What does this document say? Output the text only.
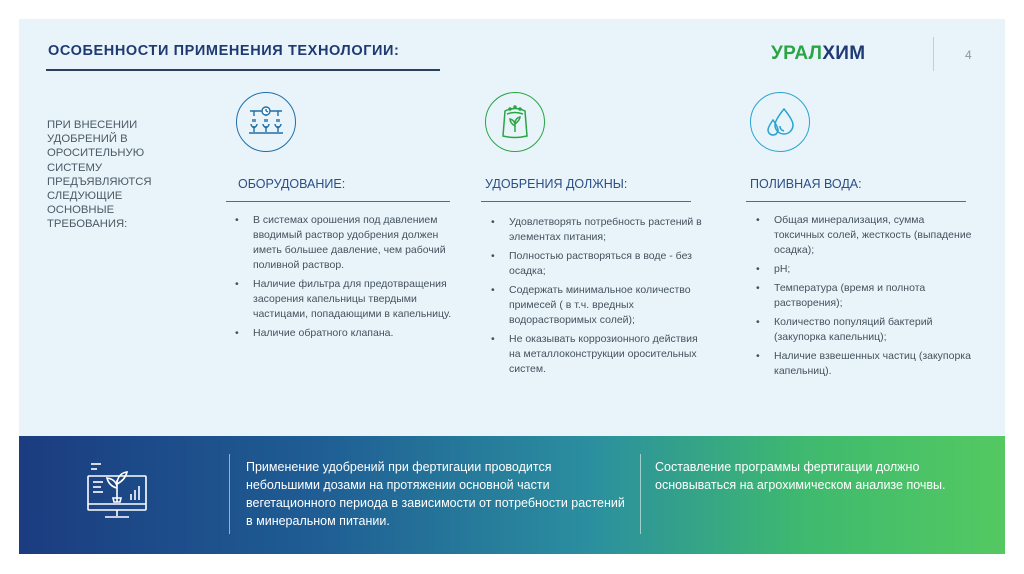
ОСОБЕННОСТИ ПРИМЕНЕНИЯ ТЕХНОЛОГИИ:	УРАЛХИМ	4
ПРИ ВНЕСЕНИИ УДОБРЕНИЙ В ОРОСИТЕЛЬНУЮ СИСТЕМУ ПРЕДЪЯВЛЯЮТСЯ СЛЕДУЮЩИЕ ОСНОВНЫЕ ТРЕБОВАНИЯ:
ОБОРУДОВАНИЕ:	УДОБРЕНИЯ ДОЛЖНЫ:	ПОЛИВНАЯ ВОДА:
• В системах орошения под давлением вводимый раствор удобрения должен иметь большее давление, чем рабочий поливной раствор.
• Наличие фильтра для предотвращения засорения капельницы твердыми частицами, попадающими в капельницу.
• Наличие обратного клапана.
• Удовлетворять потребность растений в элементах питания;
• Полностью растворяться в воде - без осадка;
• Содержать минимальное количество примесей ( в т.ч. вредных водорастворимых солей);
• Не оказывать коррозионного действия на металлоконструкции оросительных систем.
• Общая минерализация, сумма токсичных солей, жесткость (выпадение осадка);
• pH;
• Температура (время и полнота растворения);
• Количество популяций бактерий (закупорка капельниц);
• Наличие взвешенных частиц (закупорка капельниц).
Применение удобрений при фертигации проводится небольшими дозами на протяжении основной части вегетационного периода в зависимости от потребности растений в минеральном питании.
Составление программы фертигации должно основываться на агрохимическом анализе почвы.
